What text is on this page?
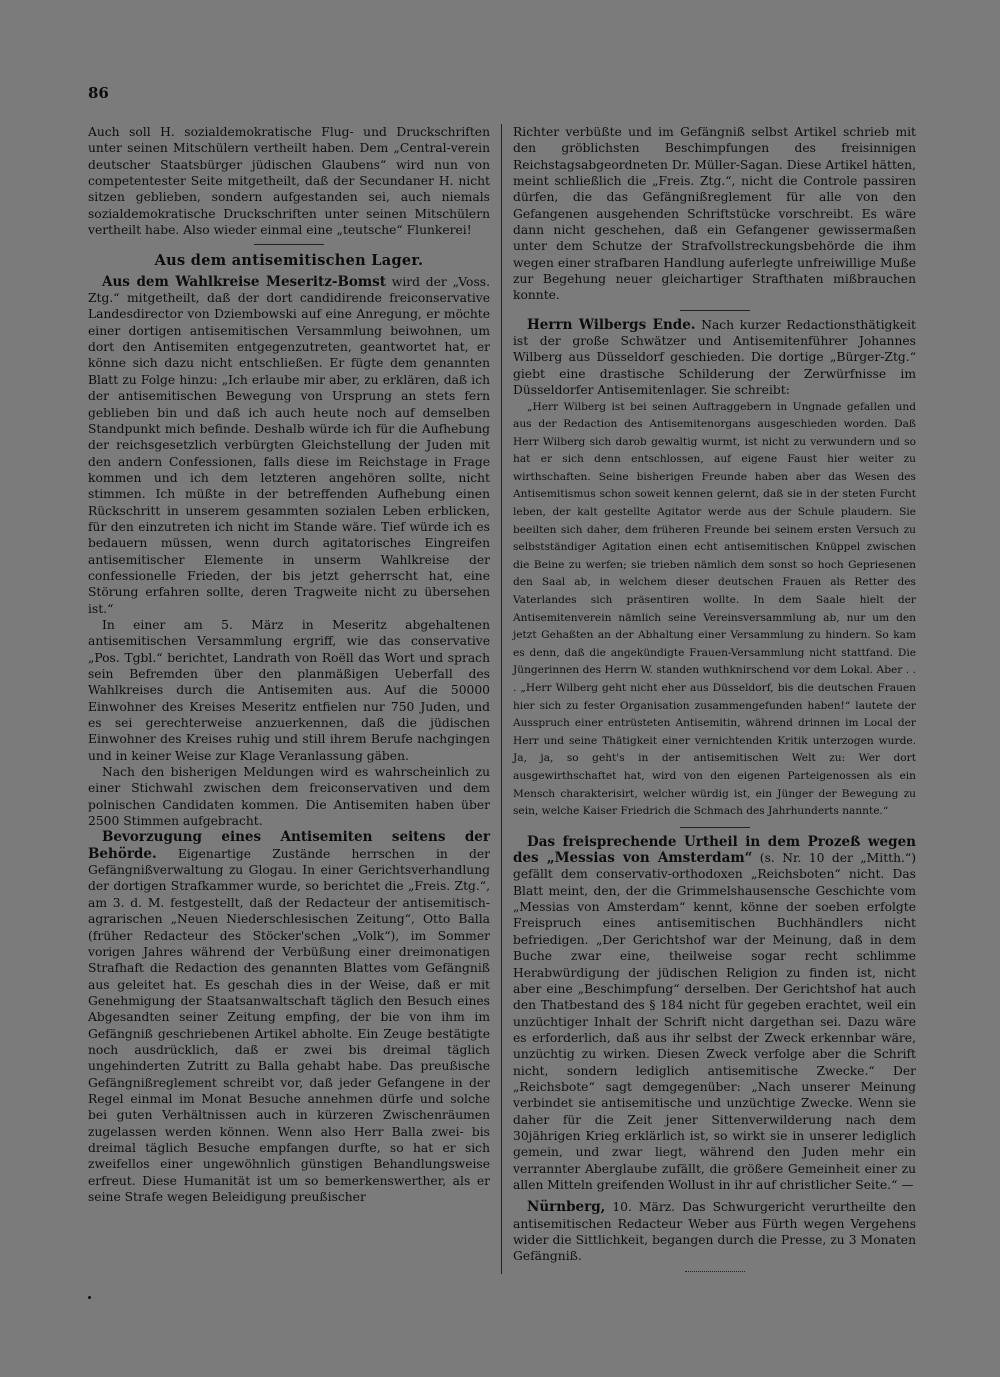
86

Auch soll H. sozialdemokratische Flug- und Druckschriften unter seinen Mitschülern vertheilt haben. Dem „Central-verein deutscher Staatsbürger jüdischen Glaubens“ wird nun von competentester Seite mitgetheilt, daß der Secundaner H. nicht sitzen geblieben, sondern aufgestanden sei, auch niemals sozialdemokratische Druckschriften unter seinen Mitschülern vertheilt habe. Also wieder einmal eine „teutsche“ Flunkerei!

Aus dem antisemitischen Lager.

Aus dem Wahlkreise Meseritz-Bomst wird der „Voss. Ztg.“ mitgetheilt, daß der dort candidirende freiconservative Landesdirector von Dziembowski auf eine Anregung, er möchte einer dortigen antisemitischen Versammlung beiwohnen, um dort den Antisemiten entgegenzutreten, geantwortet hat, er könne sich dazu nicht entschließen. Er fügte dem genannten Blatt zu Folge hinzu: „Ich erlaube mir aber, zu erklären, daß ich der antisemitischen Bewegung von Ursprung an stets fern geblieben bin und daß ich auch heute noch auf demselben Standpunkt mich befinde. Deshalb würde ich für die Aufhebung der reichsgesetzlich verbürgten Gleichstellung der Juden mit den andern Confessionen, falls diese im Reichstage in Frage kommen und ich dem letzteren angehören sollte, nicht stimmen. Ich müßte in der betreffenden Aufhebung einen Rückschritt in unserem gesammten sozialen Leben erblicken, für den einzutreten ich nicht im Stande wäre. Tief würde ich es bedauern müssen, wenn durch agitatorisches Eingreifen antisemitischer Elemente in unserm Wahlkreise der confessionelle Frieden, der bis jetzt geherrscht hat, eine Störung erfahren sollte, deren Tragweite nicht zu übersehen ist.“

In einer am 5. März in Meseritz abgehaltenen antisemitischen Versammlung ergriff, wie das conservative „Pos. Tgbl.“ berichtet, Landrath von Roëll das Wort und sprach sein Befremden über den planmäßigen Ueberfall des Wahlkreises durch die Antisemiten aus. Auf die 50000 Einwohner des Kreises Meseritz entfielen nur 750 Juden, und es sei gerechterweise anzuerkennen, daß die jüdischen Einwohner des Kreises ruhig und still ihrem Berufe nachgingen und in keiner Weise zur Klage Veranlassung gäben.

Nach den bisherigen Meldungen wird es wahrscheinlich zu einer Stichwahl zwischen dem freiconservativen und dem polnischen Candidaten kommen. Die Antisemiten haben über 2500 Stimmen aufgebracht.

Bevorzugung eines Antisemiten seitens der Behörde. Eigenartige Zustände herrschen in der Gefängnißverwaltung zu Glogau. In einer Gerichtsverhandlung der dortigen Strafkammer wurde, so berichtet die „Freis. Ztg.“, am 3. d. M. festgestellt, daß der Redacteur der antisemitisch-agrarischen „Neuen Niederschlesischen Zeitung“, Otto Balla (früher Redacteur des Stöcker'schen „Volk“), im Sommer vorigen Jahres während der Verbüßung einer dreimonatigen Strafhaft die Redaction des genannten Blattes vom Gefängniß aus geleitet hat. Es geschah dies in der Weise, daß er mit Genehmigung der Staatsanwaltschaft täglich den Besuch eines Abgesandten seiner Zeitung empfing, der bie von ihm im Gefängniß geschriebenen Artikel abholte. Ein Zeuge bestätigte noch ausdrücklich, daß er zwei bis dreimal täglich ungehinderten Zutritt zu Balla gehabt habe. Das preußische Gefängnißreglement schreibt vor, daß jeder Gefangene in der Regel einmal im Monat Besuche annehmen dürfe und solche bei guten Verhältnissen auch in kürzeren Zwischenräumen zugelassen werden können. Wenn also Herr Balla zwei- bis dreimal täglich Besuche empfangen durfte, so hat er sich zweifellos einer ungewöhnlich günstigen Behandlungsweise erfreut. Diese Humanität ist um so bemerkenswerther, als er seine Strafe wegen Beleidigung preußischer

Richter verbüßte und im Gefängniß selbst Artikel schrieb mit den gröblichsten Beschimpfungen des freisinnigen Reichstagsabgeordneten Dr. Müller-Sagan. Diese Artikel hätten, meint schließlich die „Freis. Ztg.“, nicht die Controle passiren dürfen, die das Gefängnißreglement für alle von den Gefangenen ausgehenden Schriftstücke vorschreibt. Es wäre dann nicht geschehen, daß ein Gefangener gewissermaßen unter dem Schutze der Strafvollstreckungsbehörde die ihm wegen einer strafbaren Handlung auferlegte unfreiwillige Muße zur Begehung neuer gleichartiger Strafthaten mißbrauchen konnte.

Herrn Wilbergs Ende. Nach kurzer Redactionsthätigkeit ist der große Schwätzer und Antisemitenführer Johannes Wilberg aus Düsseldorf geschieden. Die dortige „Bürger-Ztg.“ giebt eine drastische Schilderung der Zerwürfnisse im Düsseldorfer Antisemitenlager. Sie schreibt:

„Herr Wilberg ist bei seinen Auftraggebern in Ungnade gefallen und aus der Redaction des Antisemitenorgans ausgeschieden worden. Daß Herr Wilberg sich darob gewaltig wurmt, ist nicht zu verwundern und so hat er sich denn entschlossen, auf eigene Faust hier weiter zu wirthschaften. Seine bisherigen Freunde haben aber das Wesen des Antisemitismus schon soweit kennen gelernt, daß sie in der steten Furcht leben, der kalt gestellte Agitator werde aus der Schule plaudern. Sie beeilten sich daher, dem früheren Freunde bei seinem ersten Versuch zu selbstständiger Agitation einen echt antisemitischen Knüppel zwischen die Beine zu werfen; sie trieben nämlich dem sonst so hoch Gepriesenen den Saal ab, in welchem dieser deutschen Frauen als Retter des Vaterlandes sich präsentiren wollte. In dem Saale hielt der Antisemitenverein nämlich seine Vereinsversammlung ab, nur um den jetzt Gehaßten an der Abhaltung einer Versammlung zu hindern. So kam es denn, daß die angekündigte Frauen-Versammlung nicht stattfand. Die Jüngerinnen des Herrn W. standen wuthknirschend vor dem Lokal. Aber . . . „Herr Wilberg geht nicht eher aus Düsseldorf, bis die deutschen Frauen hier sich zu fester Organisation zusammengefunden haben!“ lautete der Ausspruch einer entrüsteten Antisemitin, während drinnen im Local der Herr und seine Thätigkeit einer vernichtenden Kritik unterzogen wurde. Ja, ja, so geht's in der antisemitischen Welt zu: Wer dort ausgewirthschaftet hat, wird von den eigenen Parteigenossen als ein Mensch charakterisirt, welcher würdig ist, ein Jünger der Bewegung zu sein, welche Kaiser Friedrich die Schmach des Jahrhunderts nannte.“

Das freisprechende Urtheil in dem Prozeß wegen des „Messias von Amsterdam“ (s. Nr. 10 der „Mitth.“) gefällt dem conservativ-orthodoxen „Reichsboten“ nicht. Das Blatt meint, den, der die Grimmelshausensche Geschichte vom „Messias von Amsterdam“ kennt, könne der soeben erfolgte Freispruch eines antisemitischen Buchhändlers nicht befriedigen. „Der Gerichtshof war der Meinung, daß in dem Buche zwar eine, theilweise sogar recht schlimme Herabwürdigung der jüdischen Religion zu finden ist, nicht aber eine „Beschimpfung“ derselben. Der Gerichtshof hat auch den Thatbestand des § 184 nicht für gegeben erachtet, weil ein unzüchtiger Inhalt der Schrift nicht dargethan sei. Dazu wäre es erforderlich, daß aus ihr selbst der Zweck erkennbar wäre, unzüchtig zu wirken. Diesen Zweck verfolge aber die Schrift nicht, sondern lediglich antisemitische Zwecke.“ Der „Reichsbote“ sagt demgegenüber: „Nach unserer Meinung verbindet sie antisemitische und unzüchtige Zwecke. Wenn sie daher für die Zeit jener Sittenverwilderung nach dem 30jährigen Krieg erklärlich ist, so wirkt sie in unserer lediglich gemein, und zwar liegt, während den Juden mehr ein verrannter Aberglaube zufällt, die größere Gemeinheit einer zu allen Mitteln greifenden Wollust in ihr auf christlicher Seite.“ —

Nürnberg, 10. März. Das Schwurgericht verurtheilte den antisemitischen Redacteur Weber aus Fürth wegen Vergehens wider die Sittlichkeit, begangen durch die Presse, zu 3 Monaten Gefängniß.
